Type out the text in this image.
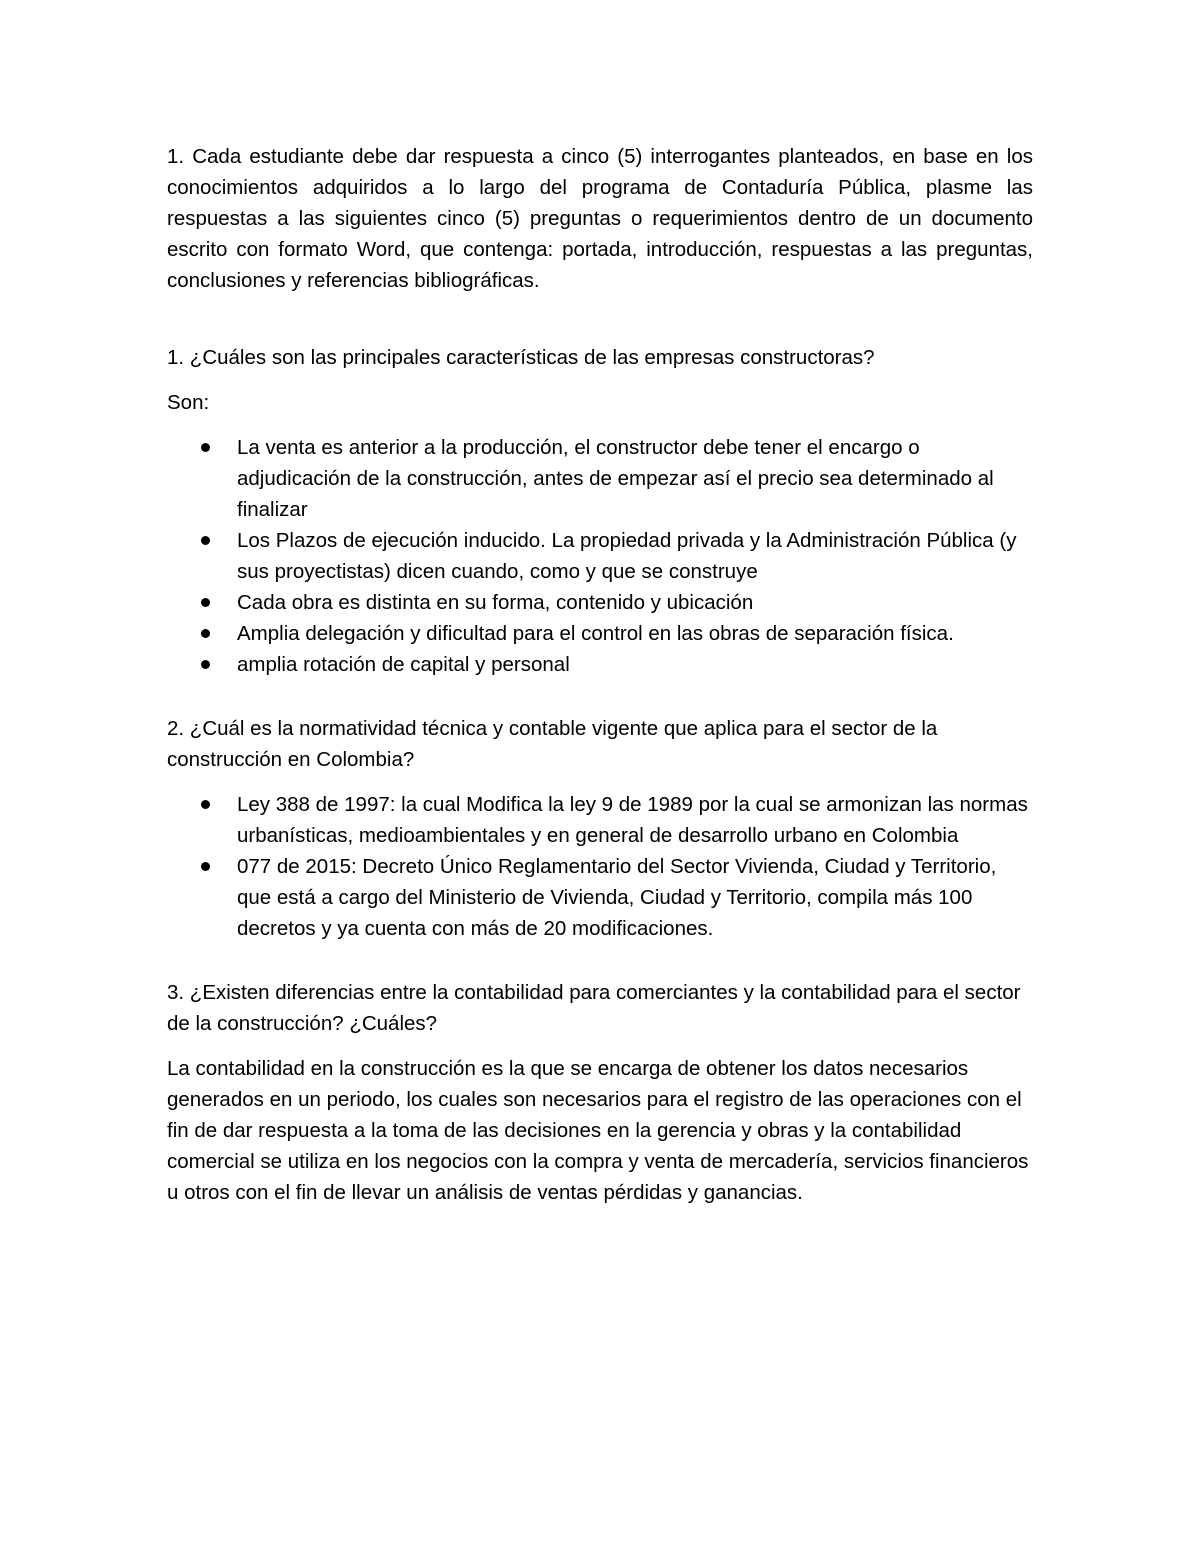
1. Cada estudiante debe dar respuesta a cinco (5) interrogantes planteados, en base en los conocimientos adquiridos a lo largo del programa de Contaduría Pública, plasme las respuestas a las siguientes cinco (5) preguntas o requerimientos dentro de un documento escrito con formato Word, que contenga: portada, introducción, respuestas a las preguntas, conclusiones y referencias bibliográficas.

1. ¿Cuáles son las principales características de las empresas constructoras?

Son:

La venta es anterior a la producción, el constructor debe tener el encargo o adjudicación de la construcción, antes de empezar así el precio sea determinado al finalizar
Los Plazos de ejecución inducido. La propiedad privada y la Administración Pública (y sus proyectistas) dicen cuando, como y que se construye
Cada obra es distinta en su forma, contenido y ubicación
Amplia delegación y dificultad para el control en las obras de separación física.
amplia rotación de capital y personal

2. ¿Cuál es la normatividad técnica y contable vigente que aplica para el sector de la construcción en Colombia?

Ley 388 de 1997: la cual Modifica la ley 9 de 1989 por la cual se armonizan las normas urbanísticas, medioambientales y en general de desarrollo urbano en Colombia
077 de 2015: Decreto Único Reglamentario del Sector Vivienda, Ciudad y Territorio, que está a cargo del Ministerio de Vivienda, Ciudad y Territorio, compila más 100 decretos y ya cuenta con más de 20 modificaciones.

3. ¿Existen diferencias entre la contabilidad para comerciantes y la contabilidad para el sector de la construcción? ¿Cuáles?

La contabilidad en la construcción es la que se encarga de obtener los datos necesarios generados en un periodo, los cuales son necesarios para el registro de las operaciones con el fin de dar respuesta a la toma de las decisiones en la gerencia y obras y la contabilidad comercial se utiliza en los negocios con la compra y venta de mercadería, servicios financieros u otros con el fin de llevar un análisis de ventas pérdidas y ganancias.
